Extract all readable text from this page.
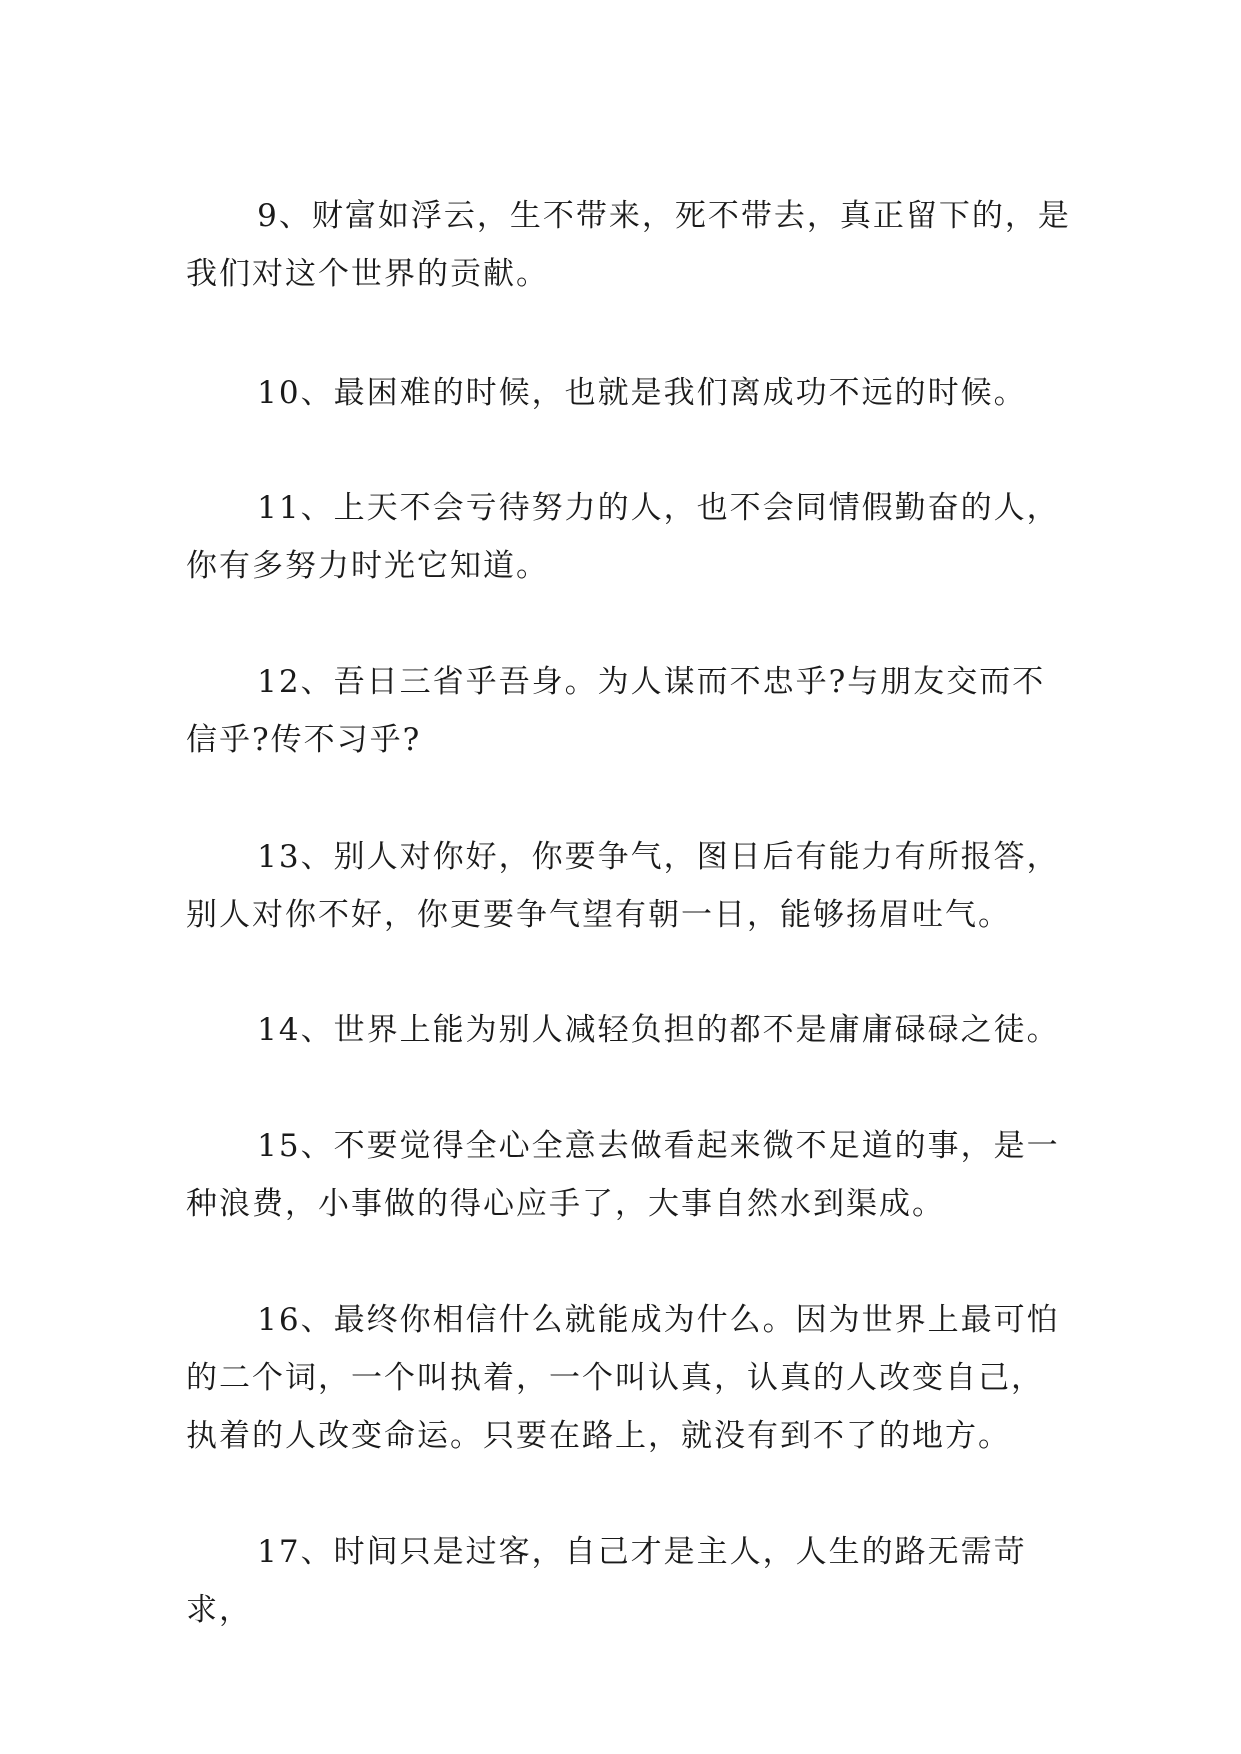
9、财富如浮云，生不带来，死不带去，真正留下的，是我们对这个世界的贡献。

10、最困难的时候，也就是我们离成功不远的时候。

11、上天不会亏待努力的人，也不会同情假勤奋的人，你有多努力时光它知道。

12、吾日三省乎吾身。为人谋而不忠乎?与朋友交而不信乎?传不习乎?

13、别人对你好，你要争气，图日后有能力有所报答，别人对你不好，你更要争气望有朝一日，能够扬眉吐气。

14、世界上能为别人减轻负担的都不是庸庸碌碌之徒。

15、不要觉得全心全意去做看起来微不足道的事，是一种浪费，小事做的得心应手了，大事自然水到渠成。

16、最终你相信什么就能成为什么。因为世界上最可怕的二个词，一个叫执着，一个叫认真，认真的人改变自己，执着的人改变命运。只要在路上，就没有到不了的地方。

17、时间只是过客，自己才是主人，人生的路无需苛求，
